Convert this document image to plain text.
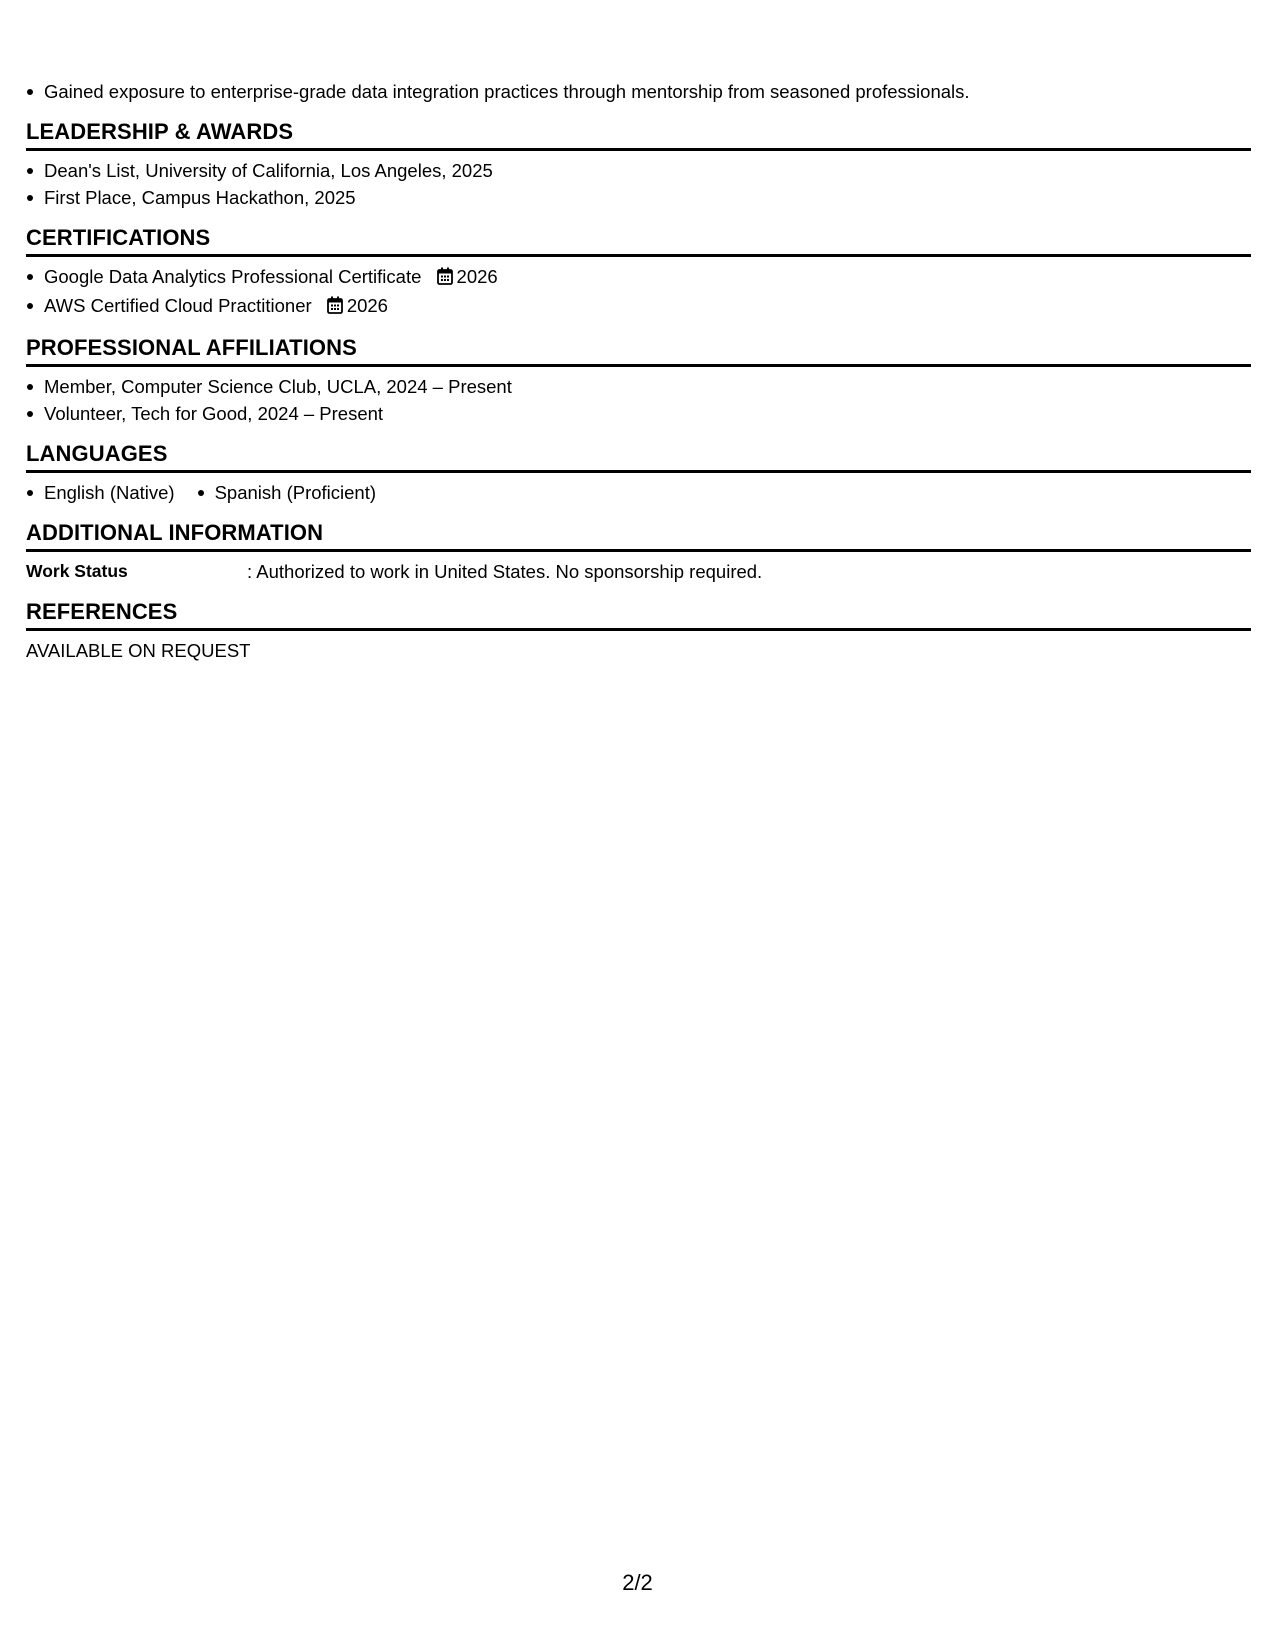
Gained exposure to enterprise-grade data integration practices through mentorship from seasoned professionals.
LEADERSHIP & AWARDS
Dean's List, University of California, Los Angeles, 2025
First Place, Campus Hackathon, 2025
CERTIFICATIONS
Google Data Analytics Professional Certificate 2026
AWS Certified Cloud Practitioner 2026
PROFESSIONAL AFFILIATIONS
Member, Computer Science Club, UCLA, 2024 – Present
Volunteer, Tech for Good, 2024 – Present
LANGUAGES
English (Native)	Spanish (Proficient)
ADDITIONAL INFORMATION
Work Status	: Authorized to work in United States. No sponsorship required.
REFERENCES
AVAILABLE ON REQUEST
2/2
